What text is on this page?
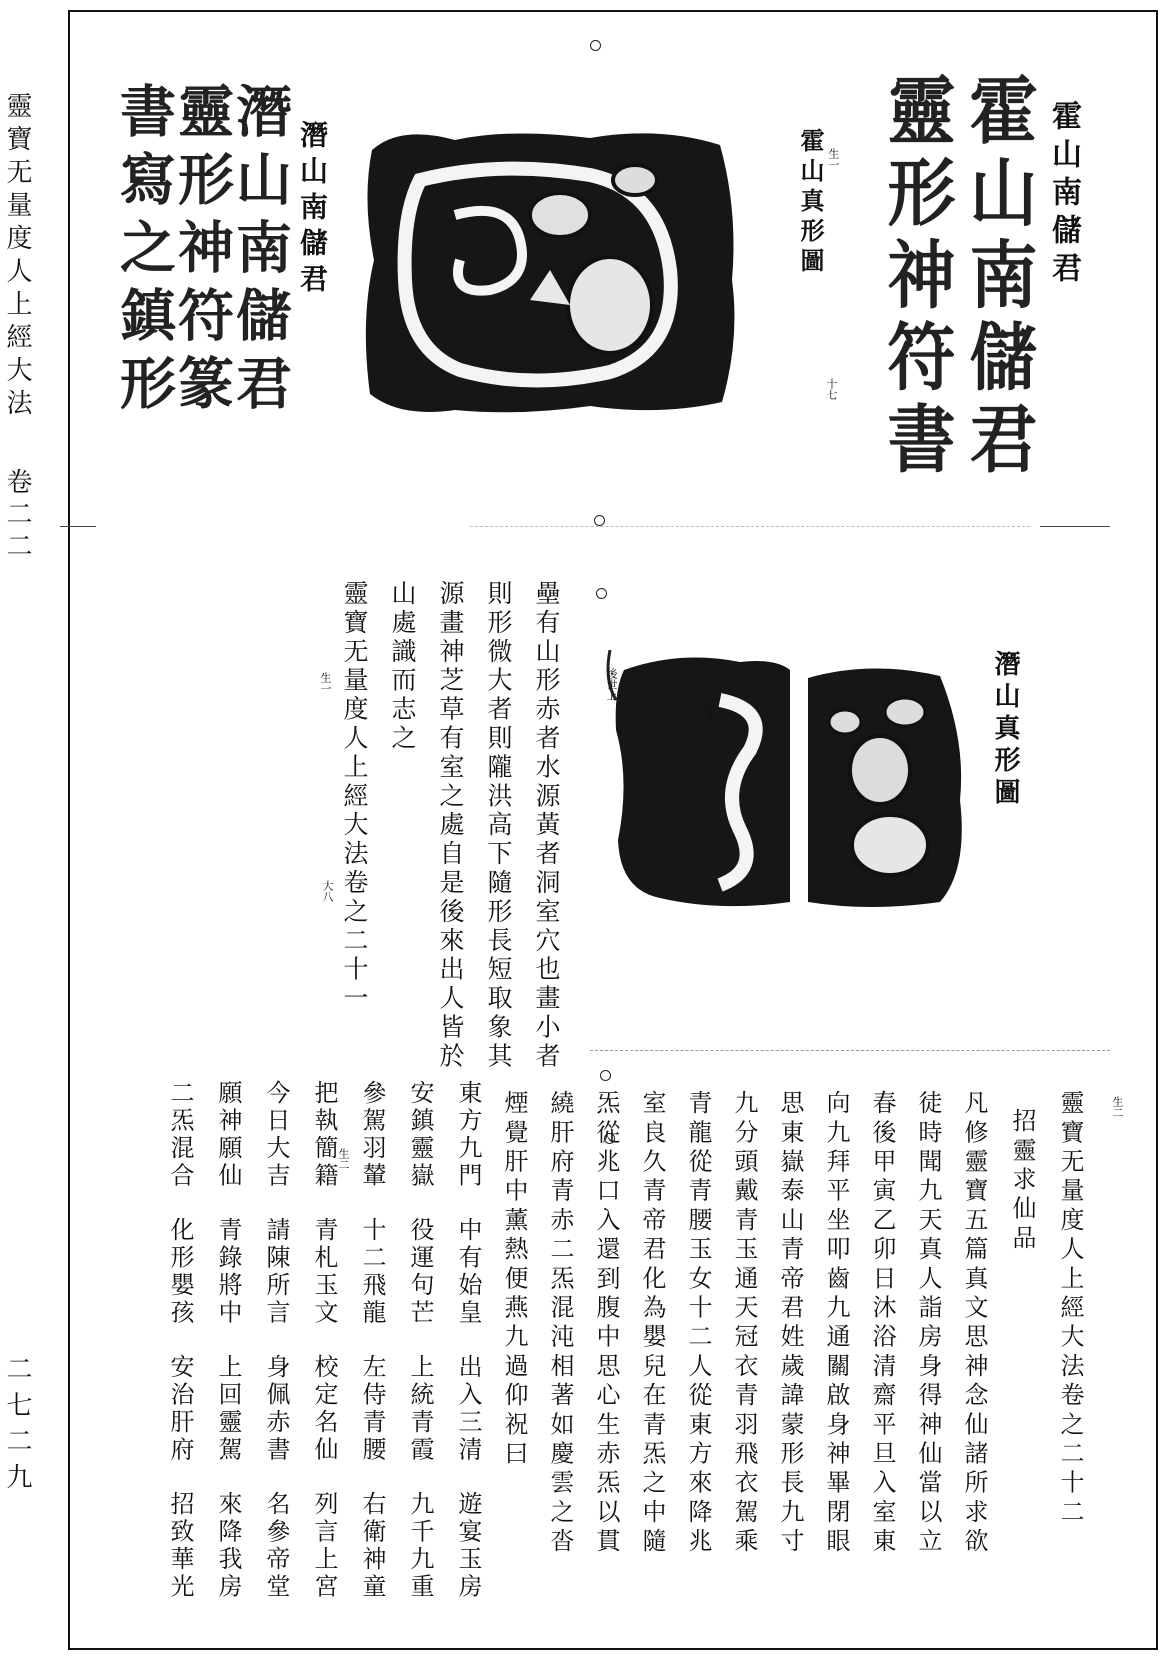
靈寶无量度人上經大法
卷二二
二七二九
霍山南儲君
霍山南儲君
靈形神符書
霍山真形圖 生一
十七
潛山南儲君
靈形神符篆
書寫之鎮形	潛山南儲君
後世上
金生	潛山真形圖
壘有山形赤者水源黃者洞室穴也畫小者
則形微大者則隴洪高下隨形長短取象其
源畫神芝草有室之處自是後來出人皆於
山處識而志之
靈寶无量度人上經大法卷之二十一
生一
大八
生二
生二	靈寶无量度人上經大法卷之二十二
招靈求仙品
凡修靈寶五篇真文思神念仙諸所求欲
徒時聞九天真人詣房身得神仙當以立
春後甲寅乙卯日沐浴清齋平旦入室東
向九拜平坐叩齒九通關啟身神畢閉眼
思東嶽泰山青帝君姓歲諱蒙形長九寸
九分頭戴青玉通天冠衣青羽飛衣駕乘
青龍從青腰玉女十二人從東方來降兆
室良久青帝君化為嬰兒在青炁之中隨
炁從兆口入還到腹中思心生赤炁以貫
繞肝府青赤二炁混沌相著如慶雲之沓
煙覺肝中薰熱便燕九過仰祝曰
東方九門　中有始皇　出入三清　遊宴玉房
安鎮靈嶽　役運句芒　上統青霞　九千九重
參駕羽輦　十二飛龍　左侍青腰　右衛神童
把執簡籍　青札玉文　校定名仙　列言上宮
今日大吉　請陳所言　身佩赤書　名參帝堂
願神願仙　青錄將中　上回靈駕　來降我房
二炁混合　化形嬰孩　安治肝府　招致華光
